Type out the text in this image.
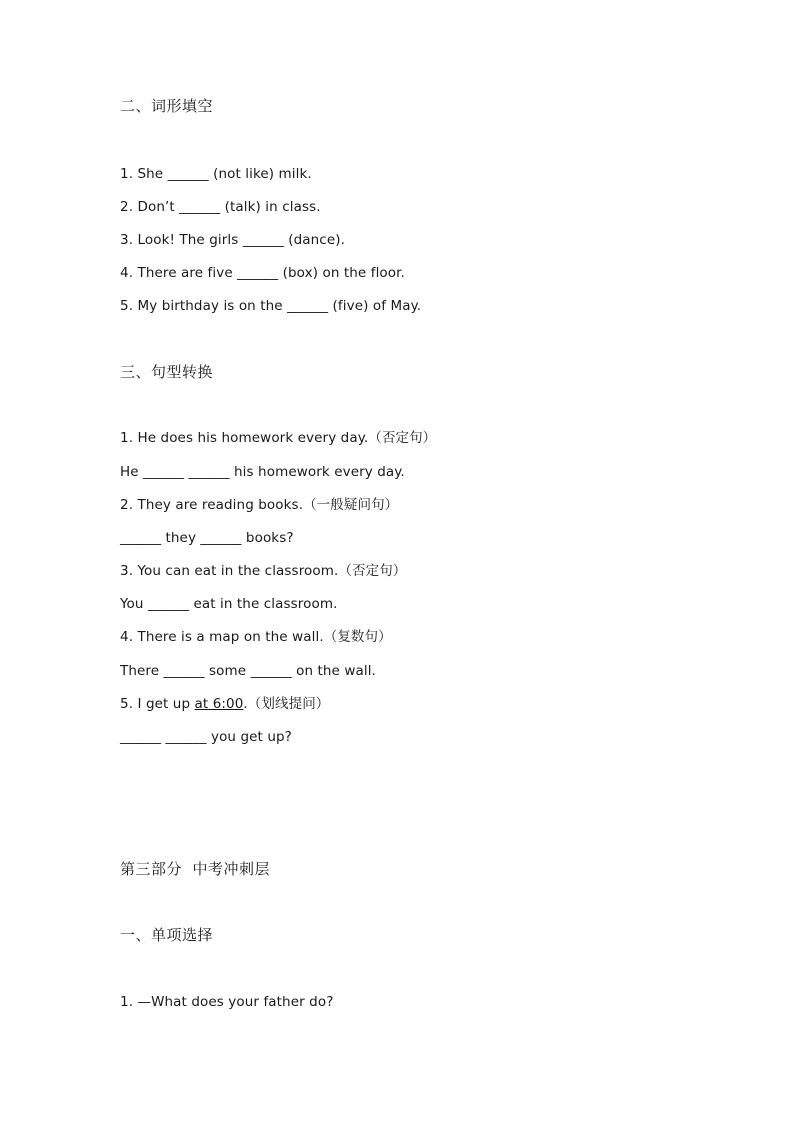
二、词形填空
1. She ______ (not like) milk.
2. Don’t ______ (talk) in class.
3. Look! The girls ______ (dance).
4. There are five ______ (box) on the floor.
5. My birthday is on the ______ (five) of May.
三、句型转换
1. He does his homework every day.（否定句）
He ______ ______ his homework every day.
2. They are reading books.（一般疑问句）
______ they ______ books?
3. You can eat in the classroom.（否定句）
You ______ eat in the classroom.
4. There is a map on the wall.（复数句）
There ______ some ______ on the wall.
5. I get up at 6:00.（划线提问）
______ ______ you get up?
第三部分  中考冲刺层
一、单项选择
1. —What does your father do?
